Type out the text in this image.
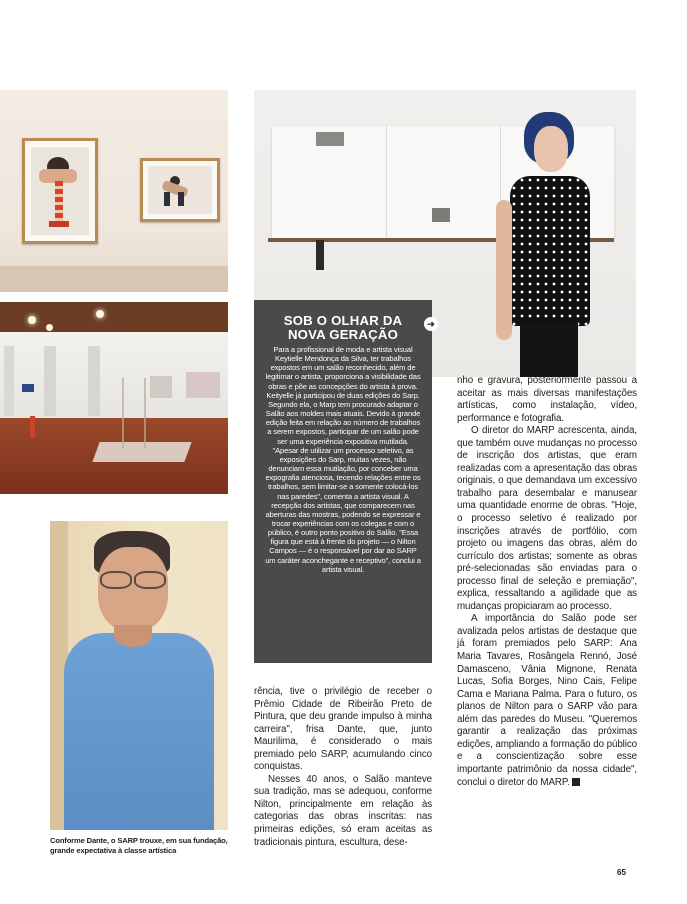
SOB O OLHAR DA
NOVA GERAÇÃO
Para a profissional de moda e artista visual Keytielle Mendonça da Silva, ter trabalhos expostos em um salão reconhecido, além de legitimar o artista, proporciona a visibilidade das obras e põe as concepções do artista à prova. Keityelle já participou de duas edições do Sarp. Segundo ela, o Marp tem procurado adaptar o Salão aos moldes mais atuais. Devido à grande edição feita em relação ao número de trabalhos a serem expostos, participar de um salão pode ser uma experiência expositiva mutilada. "Apesar de utilizar um processo seletivo, as exposições do Sarp, muitas vezes, não denunciam essa mutilação, por conceber uma expografia atenciosa, tecendo relações entre os trabalhos, sem limitar-se a somente colocá-los nas paredes", comenta a artista visual. A recepção dos artistas, que comparecem nas aberturas das mostras, podendo se expressar e trocar experiências com os colegas e com o público, é outro ponto positivo do Salão. "Essa figura que está à frente do projeto — o Nilton Campos — é o responsável por dar ao SARP um caráter aconchegante e receptivo", conclui a artista visual.
➜
Conforme Dante, o SARP trouxe, em sua fundação, grande expectativa à classe artística

rência, tive o privilégio de receber o Prêmio Cidade de Ribeirão Preto de Pintura, que deu grande impulso à minha carreira", frisa Dante, que, junto Maurilima, é considerado o mais premiado pelo SARP, acumulando cinco conquistas.

Nesses 40 anos, o Salão manteve sua tradição, mas se adequou, conforme Nilton, principalmente em relação às categorias das obras inscritas: nas primeiras edições, só eram aceitas as tradicionais pintura, escultura, dese-

nho e gravura, posteriormente passou a aceitar as mais diversas manifestações artísticas, como instalação, vídeo, performance e fotografia.

O diretor do MARP acrescenta, ainda, que também ouve mudanças no processo de inscrição dos artistas, que eram realizadas com a apresentação das obras originais, o que demandava um excessivo trabalho para desembalar e manusear uma quantidade enorme de obras. "Hoje, o processo seletivo é realizado por inscrições através de portfólio, com projeto ou imagens das obras, além do currículo dos artistas; somente as obras pré-selecionadas são enviadas para o processo final de seleção e premiação", explica, ressaltando a agilidade que as mudanças propiciaram ao processo.

A importância do Salão pode ser avalizada pelos artistas de destaque que já foram premiados pelo SARP: Ana Maria Tavares, Rosângela Rennó, José Damasceno, Vânia Mignone, Renata Lucas, Sofia Borges, Nino Cais, Felipe Cama e Mariana Palma. Para o futuro, os planos de Nilton para o SARP vão para além das paredes do Museu. "Queremos garantir a realização das próximas edições, ampliando a formação do público e a conscientização sobre esse importante patrimônio da nossa cidade", conclui o diretor do MARP.

65
